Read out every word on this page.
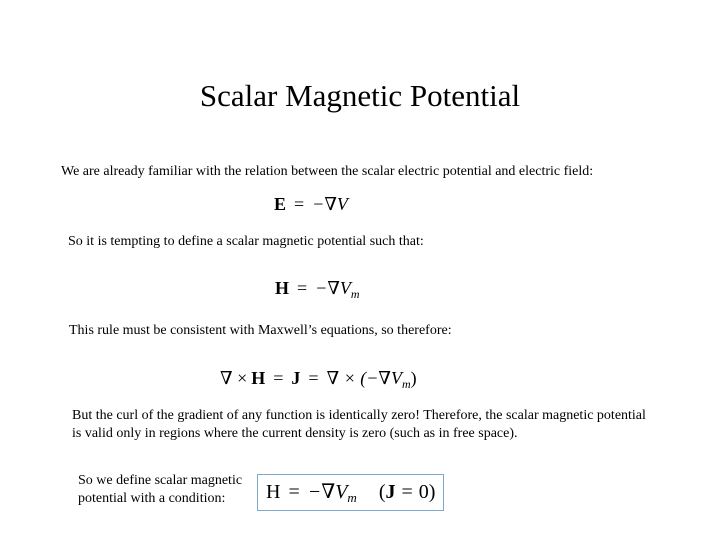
Scalar Magnetic Potential
We are already familiar with the relation between the scalar electric potential and electric field:
E = −∇V
So it is tempting to define a scalar magnetic potential such that:
$H = -\nabla V_m$
This rule must be consistent with Maxwell’s equations, so therefore:
∇ × H = J = ∇ × $(-\nabla V_m)$
But the curl of the gradient of any function is identically zero! Therefore, the scalar magnetic potential
is valid only in regions where the current density is zero (such as in free space).
So we define scalar magnetic
potential with a condition:	$H = -\nabla V_m$ (J = 0)
